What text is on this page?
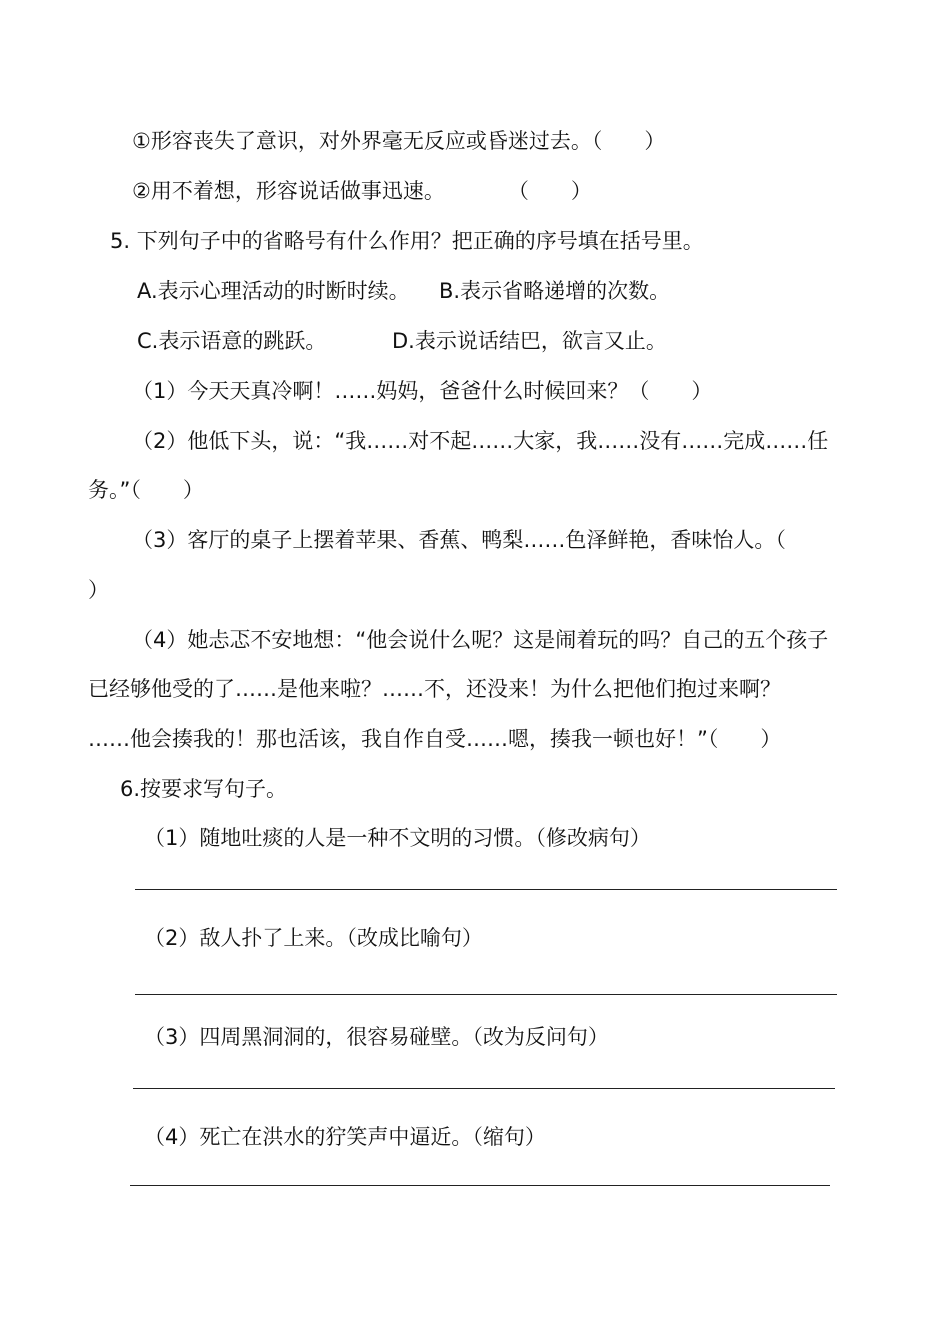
①形容丧失了意识，对外界毫无反应或昏迷过去。（　　）

②用不着想，形容说话做事迅速。　　　　（　　）

5. 下列句子中的省略号有什么作用？把正确的序号填在括号里。

A.表示心理活动的时断时续。 B.表示省略递增的次数。

C.表示语意的跳跃。	D.表示说话结巴，欲言又止。

（1）今天天真冷啊！……妈妈，爸爸什么时候回来？（　　）

（2）他低下头，说：“我……对不起……大家，我……没有……完成……任

务。”（　　）

（3）客厅的桌子上摆着苹果、香蕉、鸭梨……色泽鲜艳，香味怡人。（

）

（4）她忐忑不安地想：“他会说什么呢？这是闹着玩的吗？自己的五个孩子

已经够他受的了……是他来啦？……不，还没来！为什么把他们抱过来啊？

……他会揍我的！那也活该，我自作自受……嗯，揍我一顿也好！”（　　）

6.按要求写句子。

（1）随地吐痰的人是一种不文明的习惯。（修改病句）

（2）敌人扑了上来。（改成比喻句）

（3）四周黑洞洞的，很容易碰壁。（改为反问句）

（4）死亡在洪水的狞笑声中逼近。（缩句）
